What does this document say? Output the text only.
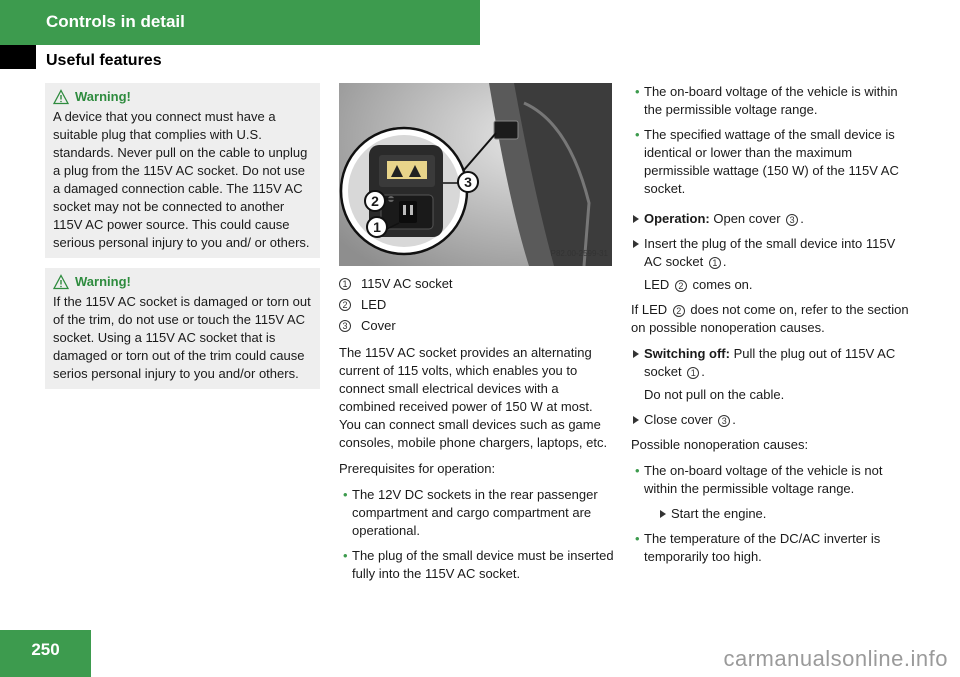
Controls in detail
Useful features
Warning!

A device that you connect must have a suitable plug that complies with U.S. standards. Never pull on the cable to unplug a plug from the 115V AC socket. Do not use a damaged connection cable. The 115V AC socket may not be connected to another 115V AC power source. This could cause serious personal injury to you and/ or others.

Warning!

If the 115V AC socket is damaged or torn out of the trim, do not use or touch the 115V AC socket. Using a 115V AC socket that is damaged or torn out of the trim could cause serios personal injury to you and/or others.

3
2
1
P82.00-2599-31
1 115V AC socket
2 LED
3 Cover

The 115V AC socket provides an alternating current of 115 volts, which enables you to connect small electrical devices with a combined received power of 150 W at most. You can connect small devices such as game consoles, mobile phone chargers, laptops, etc.

Prerequisites for operation:

• The 12V DC sockets in the rear passenger compartment and cargo compartment are operational.
• The plug of the small device must be inserted fully into the 115V AC socket.
• The on-board voltage of the vehicle is within the permissible voltage range.
• The specified wattage of the small device is identical or lower than the maximum permissible wattage (150 W) of the 115V AC socket.
Operation: Open cover 3 .
Insert the plug of the small device into 115V AC socket 1 .
LED 2 comes on.

If LED 2 does not come on, refer to the section on possible nonoperation causes.

Switching off: Pull the plug out of 115V AC socket 1 .
Do not pull on the cable.
Close cover 3 .

Possible nonoperation causes:

• The on-board voltage of the vehicle is not within the permissible voltage range.
Start the engine.
• The temperature of the DC/AC inverter is temporarily too high.
250	carmanualsonline.info
